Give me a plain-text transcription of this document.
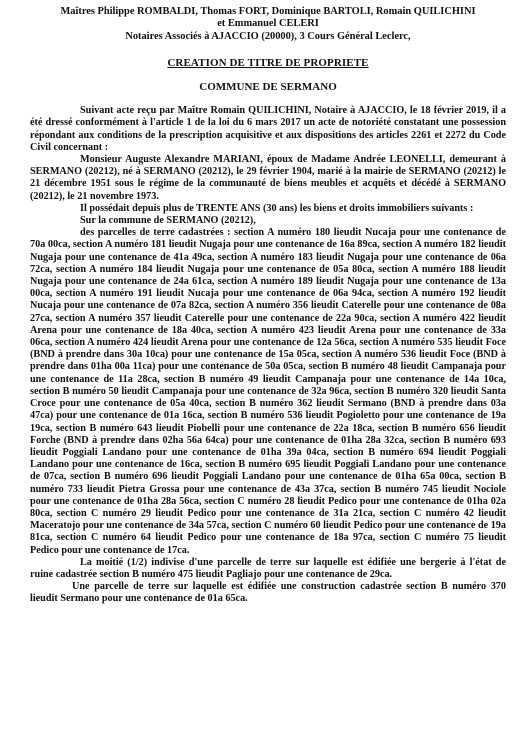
Maîtres Philippe ROMBALDI, Thomas FORT, Dominique BARTOLI, Romain QUILICHINI

et Emmanuel CELERI

Notaires Associés à AJACCIO (20000), 3 Cours Général Leclerc,

CREATION DE TITRE DE PROPRIETE

COMMUNE DE SERMANO

Suivant acte reçu par Maître Romain QUILICHINI, Notaire à AJACCIO, le 18 février 2019, il a été dressé conformément à l'article 1 de la loi du 6 mars 2017 un acte de notoriété constatant une possession répondant aux conditions de la prescription acquisitive et aux dispositions des articles 2261 et 2272 du Code Civil concernant :

Monsieur Auguste Alexandre MARIANI, époux de Madame Andrée LEONELLI, demeurant à SERMANO (20212), né à SERMANO (20212), le 29 février 1904, marié à la mairie de SERMANO (20212) le 21 décembre 1951 sous le régime de la communauté de biens meubles et acquêts et décédé à SERMANO (20212), le 21 novembre 1973.

Il possédait depuis plus de TRENTE ANS (30 ans) les biens et droits immobiliers suivants :

Sur la commune de SERMANO (20212),

des parcelles de terre cadastrées : section A numéro 180 lieudit Nucaja pour une contenance de 70a 00ca, section A numéro 181 lieudit Nugaja pour une contenance de 16a 89ca, section A numéro 182 lieudit Nugaja pour une contenance de 41a 49ca, section A numéro 183 lieudit Nugaja pour une contenance de 06a 72ca, section A numéro 184 lieudit Nugaja pour une contenance de 05a 80ca, section A numéro 188 lieudit Nugaja pour une contenance de 24a 61ca, section A numéro 189 lieudit Nugaja pour une contenance de 13a 00ca, section A numéro 191 lieudit Nucaja pour une contenance de 06a 94ca, section A numéro 192 lieudit Nucaja pour une contenance de 07a 82ca, section A numéro 356 lieudit Caterelle pour une contenance de 08a 27ca, section A numéro 357 lieudit Caterelle pour une contenance de 22a 90ca, section A numéro 422 lieudit Arena pour une contenance de 18a 40ca, section A numéro 423 lieudit Arena pour une contenance de 33a 06ca, section A numéro 424 lieudit Arena pour une contenance de 12a 56ca, section A numéro 535 lieudit Foce (BND à prendre dans 30a 10ca) pour une contenance de 15a 05ca, section A numéro 536 lieudit Foce (BND à prendre dans 01ha 00a 11ca) pour une contenance de 50a 05ca, section B numéro 48 lieudit Campanaja pour une contenance de 11a 28ca, section B numéro 49 lieudit Campanaja pour une contenance de 14a 10ca, section B numéro 50 lieudit Campanaja pour une contenance de 32a 96ca, section B numéro 320 lieudit Santa Croce pour une contenance de 05a 40ca, section B numéro 362 lieudit Sermano (BND à prendre dans 03a 47ca) pour une contenance de 01a 16ca, section B numéro 536 lieudit Pogioletto pour une contenance de 19a 19ca, section B numéro 643 lieudit Piobelli pour une contenance de 22a 18ca, section B numéro 656 lieudit Forche (BND à prendre dans 02ha 56a 64ca) pour une contenance de 01ha 28a 32ca, section B numéro 693 lieudit Poggiali Landano pour une contenance de 01ha 39a 04ca, section B numéro 694 lieudit Poggiali Landano pour une contenance de 16ca, section B numéro 695 lieudit Poggiali Landano pour une contenance de 07ca, section B numéro 696 lieudit Poggiali Landano pour une contenance de 01ha 65a 00ca, section B numéro 733 lieudit Pietra Grossa pour une contenance de 43a 37ca, section B numéro 745 lieudit Nociole pour une contenance de 01ha 28a 56ca, section C numéro 28 lieudit Pedico pour une contenance de 01ha 02a 80ca, section C numéro 29 lieudit Pedico pour une contenance de 31a 21ca, section C numéro 42 lieudit Maceratojo pour une contenance de 34a 57ca, section C numéro 60 lieudit Pedico pour une contenance de 19a 81ca, section C numéro 64 lieudit Pedico pour une contenance de 18a 97ca, section C numéro 75 lieudit Pedico pour une contenance de 17ca.

La moitié (1/2) indivise d'une parcelle de terre sur laquelle est édifiée une bergerie à l'état de ruine cadastrée section B numéro 475 lieudit Pagliajo pour une contenance de 29ca.

Une parcelle de terre sur laquelle est édifiée une construction cadastrée section B numéro 370 lieudit Sermano pour une contenance de 01a 65ca.
